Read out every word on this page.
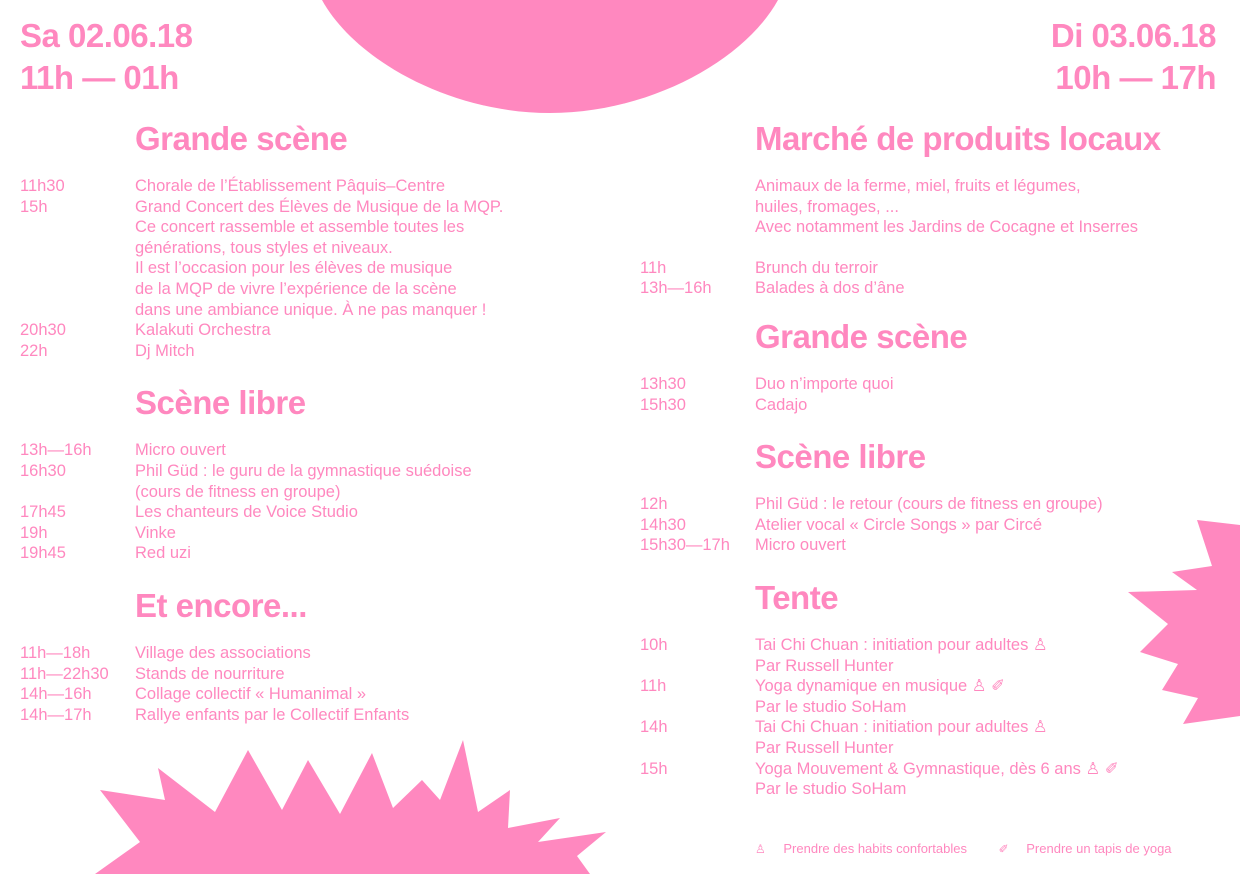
Sa 02.06.18
11h — 01h
Di 03.06.18
10h — 17h
Grande scène
11h30	Chorale de l’Établissement Pâquis–Centre
15h	Grand Concert des Élèves de Musique de la MQP.
Ce concert rassemble et assemble toutes les
générations, tous styles et niveaux.
Il est l’occasion pour les élèves de musique
de la MQP de vivre l’expérience de la scène
dans une ambiance unique. À ne pas manquer !
20h30	Kalakuti Orchestra
22h	Dj Mitch
Scène libre
13h—16h	Micro ouvert
16h30	Phil Güd : le guru de la gymnastique suédoise
(cours de fitness en groupe)
17h45	Les chanteurs de Voice Studio
19h	Vinke
19h45	Red uzi
Et encore...
11h—18h	Village des associations
11h—22h30	Stands de nourriture
14h—16h	Collage collectif « Humanimal »
14h—17h	Rallye enfants par le Collectif Enfants
Marché de produits locaux
Animaux de la ferme, miel, fruits et légumes,
huiles, fromages, ...
Avec notamment les Jardins de Cocagne et Inserres
11h	Brunch du terroir
13h—16h	Balades à dos d’âne
Grande scène
13h30	Duo n’importe quoi
15h30	Cadajo
Scène libre
12h	Phil Güd : le retour (cours de fitness en groupe)
14h30	Atelier vocal « Circle Songs » par Circé
15h30—17h	Micro ouvert
Tente
10h	Tai Chi Chuan : initiation pour adultes ♙
Par Russell Hunter
11h	Yoga dynamique en musique ♙ ✐
Par le studio SoHam
14h	Tai Chi Chuan : initiation pour adultes ♙
Par Russell Hunter
15h	Yoga Mouvement & Gymnastique, dès 6 ans ♙ ✐
Par le studio SoHam
♙ Prendre des habits confortables	✐ Prendre un tapis de yoga
